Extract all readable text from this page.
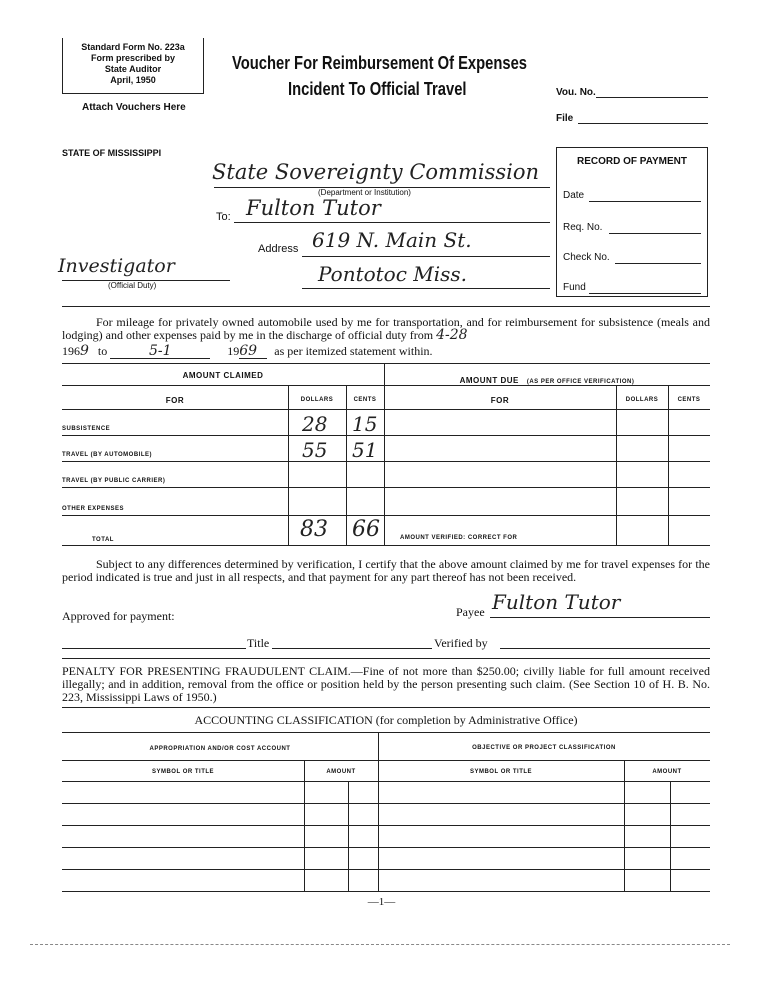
Standard Form No. 223a
Form prescribed by
State Auditor
April, 1950
Attach Vouchers Here
Voucher For Reimbursement Of Expenses
Incident To Official Travel	Vou. No.
File
STATE OF MISSISSIPPI
RECORD OF PAYMENT
Date
Req. No.
Check No.
Fund
State Sovereignty Commission
(Department or Institution)
To: Fulton Tutor
Address 619 N. Main St.
Pontotoc Miss.
Investigator
(Official Duty)
For mileage for privately owned automobile used by me for transportation, and for reimbursement for subsistence (meals and lodging) and other expenses paid by me in the discharge of official duty from 4-28
1969 to	5-1	1969 as per itemized statement within.
AMOUNT CLAIMED
AMOUNT DUE (AS PER OFFICE VERIFICATION)
FOR	DOLLARS	CENTS	FOR	DOLLARS	CENTS
SUBSISTENCE	28 15
TRAVEL (BY AUTOMOBILE)	55 51
TRAVEL (BY PUBLIC CARRIER)
OTHER EXPENSES
TOTAL	83 66	AMOUNT VERIFIED: CORRECT FOR
Subject to any differences determined by verification, I certify that the above amount claimed by me for travel expenses for the period indicated is true and just in all respects, and that payment for any part thereof has not been received.
Approved for payment:	Payee Fulton Tutor
Title	Verified by
PENALTY FOR PRESENTING FRAUDULENT CLAIM.—Fine of not more than $250.00; civilly liable for full amount received illegally; and in addition, removal from the office or position held by the person presenting such claim. (See Section 10 of H. B. No. 223, Mississippi Laws of 1950.)
ACCOUNTING CLASSIFICATION (for completion by Administrative Office)
APPROPRIATION AND/OR COST ACCOUNT	OBJECTIVE OR PROJECT CLASSIFICATION
SYMBOL OR TITLE	AMOUNT	SYMBOL OR TITLE	AMOUNT
—1—
